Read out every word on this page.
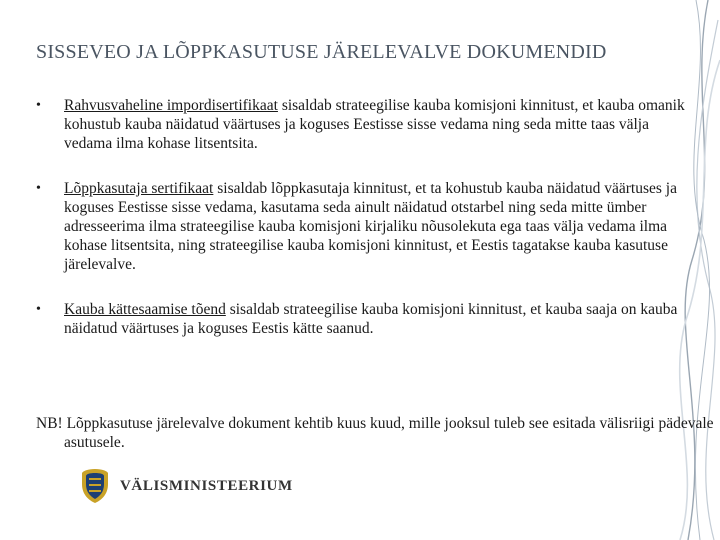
SISSEVEO JA LÕPPKASUTUSE JÄRELEVALVE DOKUMENDID
• Rahvusvaheline impordisertifikaat sisaldab strateegilise kauba komisjoni kinnitust, et kauba omanik kohustub kauba näidatud väärtuses ja koguses Eestisse sisse vedama ning seda mitte taas välja vedama ilma kohase litsentsita.
• Lõppkasutaja sertifikaat sisaldab lõppkasutaja kinnitust, et ta kohustub kauba näidatud väärtuses ja koguses Eestisse sisse vedama, kasutama seda ainult näidatud otstarbel ning seda mitte ümber adresseerima ilma strateegilise kauba komisjoni kirjaliku nõusolekuta ega taas välja vedama ilma kohase litsentsita, ning strateegilise kauba komisjoni kinnitust, et Eestis tagatakse kauba kasutuse järelevalve.
• Kauba kättesaamise tõend sisaldab strateegilise kauba komisjoni kinnitust, et kauba saaja on kauba näidatud väärtuses ja koguses Eestis kätte saanud.
NB! Lõppkasutuse järelevalve dokument kehtib kuus kuud, mille jooksul tuleb see esitada välisriigi pädevale asutusele.
VÄLISMINISTEERIUM
